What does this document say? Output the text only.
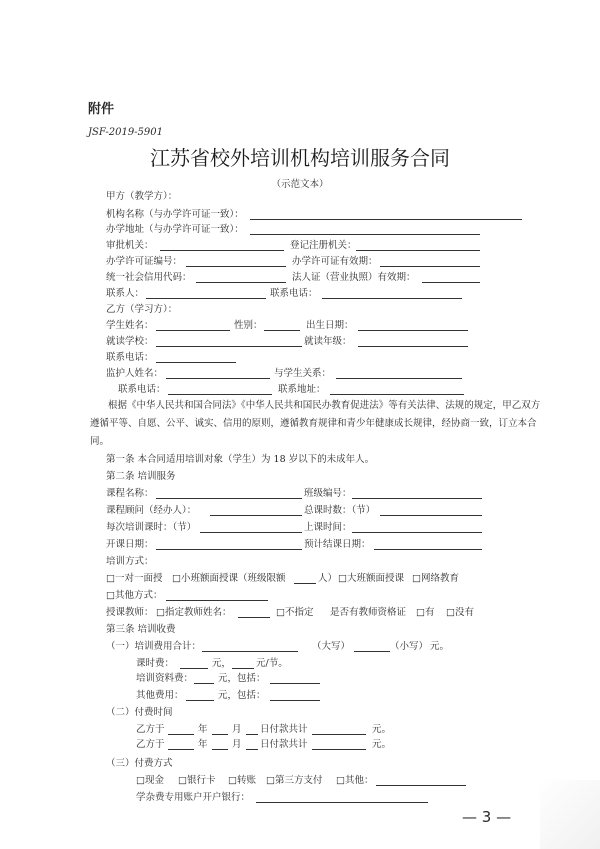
附件
JSF-2019-5901
江苏省校外培训机构培训服务合同
（示范文本）
甲方（教学方）：
机构名称（与办学许可证一致）：
办学地址（与办学许可证一致）：
审批机关：	登记注册机关：
办学许可证编号：	办学许可证有效期：
统一社会信用代码：	法人证（营业执照）有效期：
联系人：	联系电话：
乙方（学习方）：
学生姓名：	性别：	出生日期：
就读学校：	就读年级：
联系电话：
监护人姓名：	与学生关系：
联系电话：	联系地址：
根据《中华人民共和国合同法》《中华人民共和国民办教育促进法》等有关法律、法规的规定，甲乙双方遵循平等、自愿、公平、诚实、信用的原则，遵循教育规律和青少年健康成长规律，经协商一致，订立本合同。
第一条 本合同适用培训对象（学生）为 18 岁以下的未成年人。
第二条 培训服务
课程名称：	班级编号：
课程顾问（经办人）：	总课时数：（节）
每次培训课时：（节）	上课时间：
开课日期：	预计结课日期：
培训方式：
□一对一面授 □小班额面授课（班级限额	人） □大班额面授课 □网络教育
□其他方式：
授课教师： □指定教师姓名：	□不指定 是否有教师资格证 □有 □没有
第三条 培训收费
（一）培训费用合计：	（大写）	（小写） 元。
课时费：	元，	元/节。
培训资料费：	元，包括：
其他费用：	元，包括：
（二）付费时间
乙方于	年	月 日付款共计	元。
乙方于	年	月 日付款共计	元。
（三）付费方式
□现金 □银行卡 □转账 □第三方支付 □其他：
学杂费专用账户开户银行：
— 3 —
